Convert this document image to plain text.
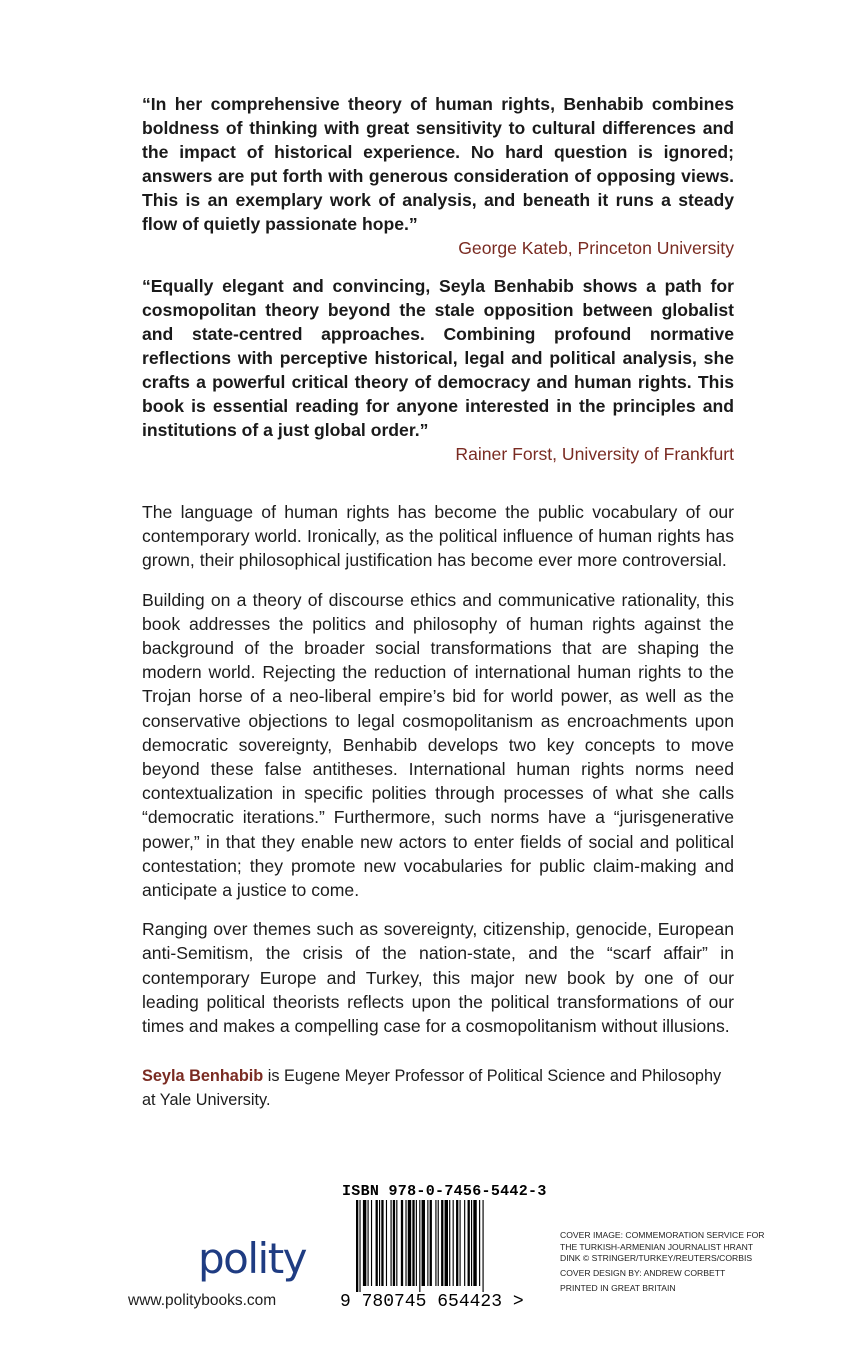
“In her comprehensive theory of human rights, Benhabib combines boldness of thinking with great sensitivity to cultural differences and the impact of historical experience. No hard question is ignored; answers are put forth with generous consideration of opposing views. This is an exemplary work of analysis, and beneath it runs a steady flow of quietly passionate hope.”

George Kateb, Princeton University

“Equally elegant and convincing, Seyla Benhabib shows a path for cosmopolitan theory beyond the stale opposition between globalist and state-centred approaches. Combining profound normative reflections with perceptive historical, legal and political analysis, she crafts a powerful critical theory of democracy and human rights. This book is essential reading for anyone interested in the principles and institutions of a just global order.”

Rainer Forst, University of Frankfurt

The language of human rights has become the public vocabulary of our contemporary world. Ironically, as the political influence of human rights has grown, their philosophical justification has become ever more controversial.

Building on a theory of discourse ethics and communicative rationality, this book addresses the politics and philosophy of human rights against the background of the broader social transformations that are shaping the modern world. Rejecting the reduction of international human rights to the Trojan horse of a neo-liberal empire’s bid for world power, as well as the conservative objections to legal cosmopolitanism as encroachments upon democratic sovereignty, Benhabib develops two key concepts to move beyond these false antitheses. International human rights norms need contextualization in specific polities through processes of what she calls “democratic iterations.” Furthermore, such norms have a “jurisgenerative power,” in that they enable new actors to enter fields of social and political contestation; they promote new vocabularies for public claim-making and anticipate a justice to come.

Ranging over themes such as sovereignty, citizenship, genocide, European anti-Semitism, the crisis of the nation-state, and the “scarf affair” in contemporary Europe and Turkey, this major new book by one of our leading political theorists reflects upon the political transformations of our times and makes a compelling case for a cosmopolitanism without illusions.

Seyla Benhabib is Eugene Meyer Professor of Political Science and Philosophy at Yale University.

polity
www.politybooks.com
ISBN 978-0-7456-5442-3
9 780745 654423 >

COVER IMAGE: COMMEMORATION SERVICE FOR THE TURKISH-ARMENIAN JOURNALIST HRANT DINK © STRINGER/TURKEY/REUTERS/CORBIS

COVER DESIGN BY: ANDREW CORBETT

PRINTED IN GREAT BRITAIN
